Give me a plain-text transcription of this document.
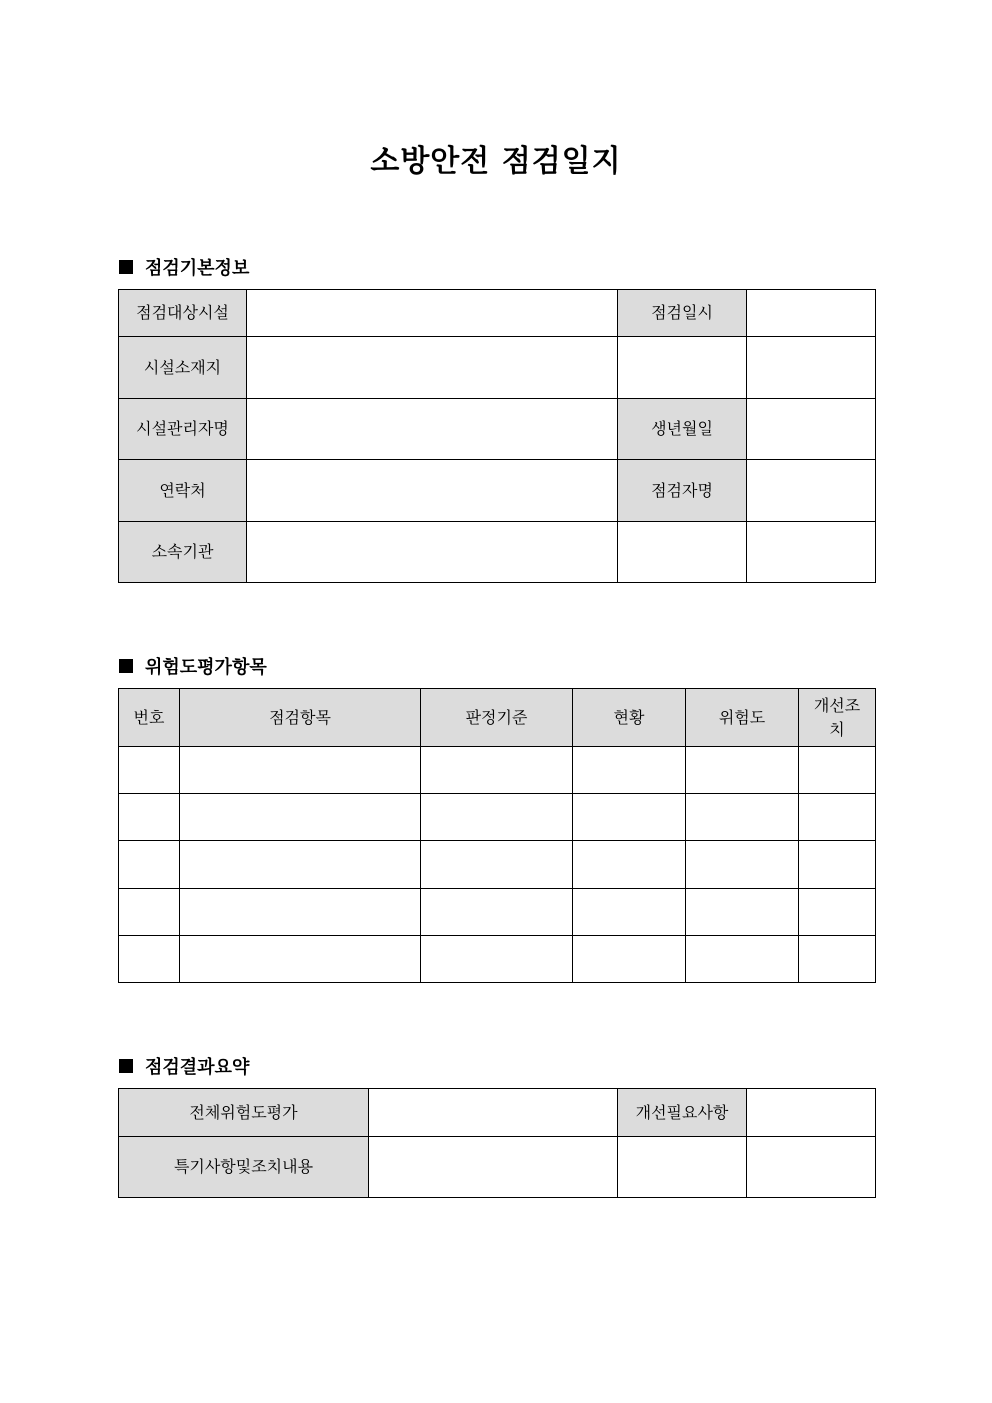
소방안전 점검일지
점검기본정보
점검대상시설		점검일시	
시설소재지			
시설관리자명		생년월일	
연락처		점검자명	
소속기관			
위험도평가항목
번호	점검항목	판정기준	현황	위험도	개선조치

점검결과요약
전체위험도평가		개선필요사항	
특기사항및조치내용			
